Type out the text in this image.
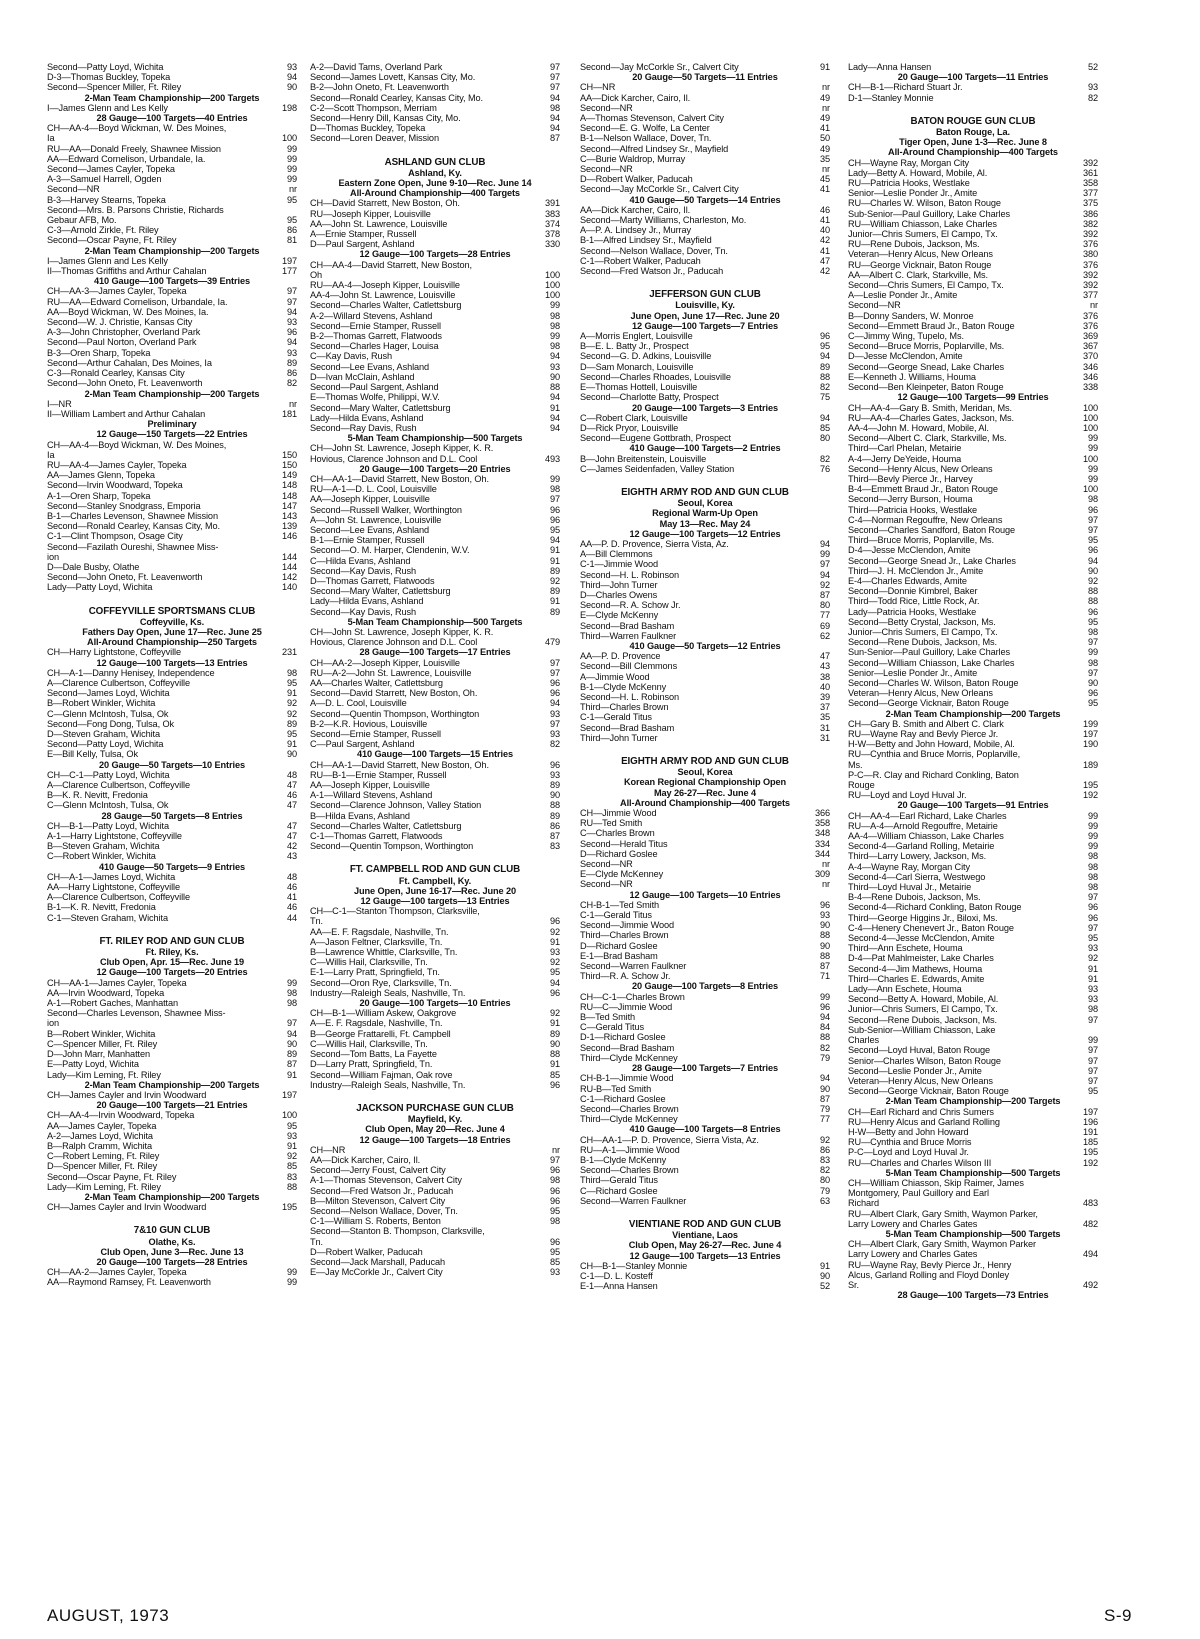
Second—Patty Loyd, Wichita	93
D-3—Thomas Buckley, Topeka	94
Second—Spencer Miller, Ft. Riley	90
2-Man Team Championship—200 Targets
I—James Glenn and Les Kelly	198
28 Gauge—100 Targets—40 Entries
CH—AA-4—Boyd Wickman, W. Des Moines,
Ia	100
RU—AA—Donald Freely, Shawnee Mission	99
AA—Edward Cornelison, Urbandale, Ia.	99
Second—James Cayler, Topeka	99
A-3—Samuel Harrell, Ogden	99
Second—NR	nr
B-3—Harvey Stearns, Topeka	95
Second—Mrs. B. Parsons Christie, Richards
Gebaur AFB, Mo.	95
C-3—Arnold Zirkle, Ft. Riley	86
Second—Oscar Payne, Ft. Riley	81
2-Man Team Championship—200 Targets
I—James Glenn and Les Kelly	197
II—Thomas Griffiths and Arthur Cahalan	177
410 Gauge—100 Targets—39 Entries
CH—AA-3—James Cayler, Topeka	97
RU—AA—Edward Cornelison, Urbandale, Ia.	97
AA—Boyd Wickman, W. Des Moines, Ia.	94
Second—W. J. Christie, Kansas City	93
A-3—John Christopher, Overland Park	96
Second—Paul Norton, Overland Park	94
B-3—Oren Sharp, Topeka	93
Second—Arthur Cahalan, Des Moines, Ia	89
C-3—Ronald Cearley, Kansas City	86
Second—John Oneto, Ft. Leavenworth	82
2-Man Team Championship—200 Targets
I—NR	nr
II—William Lambert and Arthur Cahalan	181
Preliminary
12 Gauge—150 Targets—22 Entries
CH—AA-4—Boyd Wickman, W. Des Moines,
Ia	150
RU—AA-4—James Cayler, Topeka	150
AA—James Glenn, Topeka	149
Second—Irvin Woodward, Topeka	148
A-1—Oren Sharp, Topeka	148
Second—Stanley Snodgrass, Emporia	147
B-1—Charles Levenson, Shawnee Mission	143
Second—Ronald Cearley, Kansas City, Mo.	139
C-1—Clint Thompson, Osage City	146
Second—Fazilath Oureshi, Shawnee Miss-
ion	144
D—Dale Busby, Olathe	144
Second—John Oneto, Ft. Leavenworth	142
Lady—Patty Loyd, Wichita	140
COFFEYVILLE SPORTSMANS CLUB
Coffeyville, Ks.
Fathers Day Open, June 17—Rec. June 25
All-Around Championship—250 Targets
CH—Harry Lightstone, Coffeyville	231
12 Gauge—100 Targets—13 Entries
CH—A-1—Danny Henisey, Independence	98
A—Clarence Culbertson, Coffeyville	95
Second—James Loyd, Wichita	91
B—Robert Winkler, Wichita	92
C—Glenn McIntosh, Tulsa, Ok	92
Second—Fong Dong, Tulsa, Ok	89
D—Steven Graham, Wichita	95
Second—Patty Loyd, Wichita	91
E—Bill Kelly, Tulsa, Ok	90
20 Gauge—50 Targets—10 Entries
CH—C-1—Patty Loyd, Wichita	48
A—Clarence Culbertson, Coffeyville	47
B—K. R. Nevitt, Fredonia	46
C—Glenn McIntosh, Tulsa, Ok	47
28 Gauge—50 Targets—8 Entries
CH—B-1—Patty Loyd, Wichita	47
A-1—Harry Lightstone, Coffeyville	47
B—Steven Graham, Wichita	42
C—Robert Winkler, Wichita	43
410 Gauge—50 Targets—9 Entries
CH—A-1—James Loyd, Wichita	48
AA—Harry Lightstone, Coffeyville	46
A—Clarence Culbertson, Coffeyville	41
B-1—K. R. Nevitt, Fredonia	46
C-1—Steven Graham, Wichita	44
FT. RILEY ROD AND GUN CLUB
Ft. Riley, Ks.
Club Open, Apr. 15—Rec. June 19
12 Gauge—100 Targets—20 Entries
CH—AA-1—James Cayler, Topeka	99
AA—Irvin Woodward, Topeka	98
A-1—Robert Gaches, Manhattan	98
Second—Charles Levenson, Shawnee Miss-
ion	97
B—Robert Winkler, Wichita	94
C—Spencer Miller, Ft. Riley	90
D—John Marr, Manhatten	89
E—Patty Loyd, Wichita	87
Lady—Kim Leming, Ft. Riley	91
2-Man Team Championship—200 Targets
CH—James Cayler and Irvin Woodward	197
20 Gauge—100 Targets—21 Entries
CH—AA-4—Irvin Woodward, Topeka	100
AA—James Cayler, Topeka	95
A-2—James Loyd, Wichita	93
B—Ralph Cramm, Wichita	91
C—Robert Leming, Ft. Riley	92
D—Spencer Miller, Ft. Riley	85
Second—Oscar Payne, Ft. Riley	83
Lady—Kim Leming, Ft. Riley	88
2-Man Team Championship—200 Targets
CH—James Cayler and Irvin Woodward	195
7&10 GUN CLUB
Olathe, Ks.
Club Open, June 3—Rec. June 13
20 Gauge—100 Targets—28 Entries
CH—AA-2—James Cayler, Topeka	99
AA—Raymond Ramsey, Ft. Leavenworth	99
A-2—David Tams, Overland Park	97
Second—James Lovett, Kansas City, Mo.	97
B-2—John Oneto, Ft. Leavenworth	97
Second—Ronald Cearley, Kansas City, Mo.	94
C-2—Scott Thompson, Merriam	98
Second—Henry Dill, Kansas City, Mo.	94
D—Thomas Buckley, Topeka	94
Second—Loren Deaver, Mission	87
ASHLAND GUN CLUB
Ashland, Ky.
Eastern Zone Open, June 9-10—Rec. June 14
All-Around Championship—400 Targets
CH—David Starrett, New Boston, Oh.	391
RU—Joseph Kipper, Louisville	383
AA—John St. Lawrence, Louisville	374
A—Ernie Stamper, Russell	378
D—Paul Sargent, Ashland	330
12 Gauge—100 Targets—28 Entries
CH—AA-4—David Starrett, New Boston,
Oh	100
RU—AA-4—Joseph Kipper, Louisville	100
AA-4—John St. Lawrence, Louisville	100
Second—Charles Walter, Catlettsburg	99
A-2—Willard Stevens, Ashland	98
Second—Ernie Stamper, Russell	98
B-2—Thomas Garrett, Flatwoods	99
Second—Charles Hager, Louisa	98
C—Kay Davis, Rush	94
Second—Lee Evans, Ashland	93
D—Ivan McClain, Ashland	90
Second—Paul Sargent, Ashland	88
E—Thomas Wolfe, Philippi, W.V.	94
Second—Mary Walter, Catlettsburg	91
Lady—Hilda Evans, Ashland	94
Second—Ray Davis, Rush	94
5-Man Team Championship—500 Targets
CH—John St. Lawrence, Joseph Kipper, K. R.
Hovious, Clarence Johnson and D.L. Cool	493
20 Gauge—100 Targets—20 Entries
CH—AA-1—David Starrett, New Boston, Oh.	99
RU—A-1—D. L. Cool, Louisville	98
AA—Joseph Kipper, Louisville	97
Second—Russell Walker, Worthington	96
A—John St. Lawrence, Louisville	96
Second—Lee Evans, Ashland	95
B-1—Ernie Stamper, Russell	94
Second—O. M. Harper, Clendenin, W.V.	91
C—Hilda Evans, Ashland	91
Second—Kay Davis, Rush	89
D—Thomas Garrett, Flatwoods	92
Second—Mary Walter, Catlettsburg	89
Lady—Hilda Evans, Ashland	91
Second—Kay Davis, Rush	89
5-Man Team Championship—500 Targets
CH—John St. Lawrence, Joseph Kipper, K. R.
Hovious, Clarence Johnson and D.L. Cool	479
28 Gauge—100 Targets—17 Entries
CH—AA-2—Joseph Kipper, Louisville	97
RU—A-2—John St. Lawrence, Louisville	97
AA—Charles Walter, Catlettsburg	96
Second—David Starrett, New Boston, Oh.	96
A—D. L. Cool, Louisville	94
Second—Quentin Thompson, Worthington	93
B-2—K.R. Hovious, Louisville	97
Second—Ernie Stamper, Russell	93
C—Paul Sargent, Ashland	82
410 Gauge—100 Targets—15 Entries
CH—AA-1—David Starrett, New Boston, Oh.	96
RU—B-1—Ernie Stamper, Russell	93
AA—Joseph Kipper, Louisville	89
A-1—Willard Stevens, Ashland	90
Second—Clarence Johnson, Valley Station	88
B—Hilda Evans, Ashland	89
Second—Charles Walter, Catlettsburg	86
C-1—Thomas Garrett, Flatwoods	87
Second—Quentin Tompson, Worthington	83
FT. CAMPBELL ROD AND GUN CLUB
Ft. Campbell, Ky.
June Open, June 16-17—Rec. June 20
12 Gauge—100 targets—13 Entries
CH—C-1—Stanton Thompson, Clarksville,
Tn.	96
AA—E. F. Ragsdale, Nashville, Tn.	92
A—Jason Feltner, Clarksville, Tn.	91
B—Lawrence Whittle, Clarksville, Tn.	93
C—Willis Hail, Clarksville, Tn.	92
E-1—Larry Pratt, Springfield, Tn.	95
Second—Oron Rye, Clarksville, Tn.	94
Industry—Raleigh Seals, Nashville, Tn.	96
20 Gauge—100 Targets—10 Entries
CH—B-1—William Askew, Oakgrove	92
A—E. F. Ragsdale, Nashville, Tn.	91
B—George Frattarelli, Ft. Campbell	89
C—Willis Hail, Clarksville, Tn.	90
Second—Tom Batts, La Fayette	88
D—Larry Pratt, Springfield, Tn.	91
Second—William Fajman, Oak rove	85
Industry—Raleigh Seals, Nashville, Tn.	96
JACKSON PURCHASE GUN CLUB
Mayfield, Ky.
Club Open, May 20—Rec. June 4
12 Gauge—100 Targets—18 Entries
CH—NR	nr
AA—Dick Karcher, Cairo, Il.	97
Second—Jerry Foust, Calvert City	96
A-1—Thomas Stevenson, Calvert City	98
Second—Fred Watson Jr., Paducah	96
B—Milton Stevenson, Calvert City	96
Second—Nelson Wallace, Dover, Tn.	95
C-1—William S. Roberts, Benton	98
Second—Stanton B. Thompson, Clarksville,
Tn.	96
D—Robert Walker, Paducah	95
Second—Jack Marshall, Paducah	85
E—Jay McCorkle Jr., Calvert City	93
Second—Jay McCorkle Sr., Calvert City	91
20 Gauge—50 Targets—11 Entries
CH—NR	nr
AA—Dick Karcher, Cairo, Il.	49
Second—NR	nr
A—Thomas Stevenson, Calvert City	49
Second—E. G. Wolfe, La Center	41
B-1—Nelson Wallace, Dover, Tn.	50
Second—Alfred Lindsey Sr., Mayfield	49
C—Burie Waldrop, Murray	35
Second—NR	nr
D—Robert Walker, Paducah	45
Second—Jay McCorkle Sr., Calvert City	41
410 Gauge—50 Targets—14 Entries
AA—Dick Karcher, Cairo, Il.	46
Second—Marty Williams, Charleston, Mo.	41
A—P. A. Lindsey Jr., Murray	40
B-1—Alfred Lindsey Sr., Mayfield	42
Second—Nelson Wallace, Dover, Tn.	41
C-1—Robert Walker, Paducah	47
Second—Fred Watson Jr., Paducah	42
JEFFERSON GUN CLUB
Louisville, Ky.
June Open, June 17—Rec. June 20
12 Gauge—100 Targets—7 Entries
A—Morris Englert, Louisville	96
B—E. L. Batty Jr., Prospect	95
Second—G. D. Adkins, Louisville	94
D—Sam Monarch, Louisville	89
Second—Charles Rhoades, Louisville	88
E—Thomas Hottell, Louisville	82
Second—Charlotte Batty, Prospect	75
20 Gauge—100 Targets—3 Entries
C—Robert Clark, Louisville	94
D—Rick Pryor, Louisville	85
Second—Eugene Gottbrath, Prospect	80
410 Gauge—100 Targets—2 Entries
B—John Breitenstein, Louisville	82
C—James Seidenfaden, Valley Station	76
EIGHTH ARMY ROD AND GUN CLUB
Seoul, Korea
Regional Warm-Up Open
May 13—Rec. May 24
12 Gauge—100 Targets—12 Entries
AA—P. D. Provence, Sierra Vista, Az.	94
A—Bill Clemmons	99
C-1—Jimmie Wood	97
Second—H. L. Robinson	94
Third—John Turner	92
D—Charles Owens	87
Second—R. A. Schow Jr.	80
E—Clyde McKenny	77
Second—Brad Basham	69
Third—Warren Faulkner	62
410 Gauge—50 Targets—12 Entries
AA—P. D. Provence	47
Second—Bill Clemmons	43
A—Jimmie Wood	38
B-1—Clyde McKenny	40
Second—H. L. Robinson	39
Third—Charles Brown	37
C-1—Gerald Titus	35
Second—Brad Basham	31
Third—John Turner	31
EIGHTH ARMY ROD AND GUN CLUB
Seoul, Korea
Korean Regional Championship Open
May 26-27—Rec. June 4
All-Around Championship—400 Targets
CH—Jimmie Wood	366
RU—Ted Smith	358
C—Charles Brown	348
Second—Herald Titus	334
D—Richard Goslee	344
Second—NR	nr
E—Clyde McKenney	309
Second—NR	nr
12 Gauge—100 Targets—10 Entries
CH-B-1—Ted Smith	96
C-1—Gerald Titus	93
Second—Jimmie Wood	90
Third—Charles Brown	88
D—Richard Goslee	90
E-1—Brad Basham	88
Second—Warren Faulkner	87
Third—R. A. Schow Jr.	71
20 Gauge—100 Targets—8 Entries
CH—C-1—Charles Brown	99
RU—C—Jimmie Wood	96
B—Ted Smith	94
C—Gerald Titus	84
D-1—Richard Goslee	88
Second—Brad Basham	82
Third—Clyde McKenney	79
28 Gauge—100 Targets—7 Entries
CH-B-1—Jimmie Wood	94
RU-B—Ted Smith	90
C-1—Richard Goslee	87
Second—Charles Brown	79
Third—Clyde McKenney	77
410 Gauge—100 Targets—8 Entries
CH—AA-1—P. D. Provence, Sierra Vista, Az.	92
RU—A-1—Jimmie Wood	86
B-1—Clyde McKenny	83
Second—Charles Brown	82
Third—Gerald Titus	80
C—Richard Goslee	79
Second—Warren Faulkner	63
VIENTIANE ROD AND GUN CLUB
Vientiane, Laos
Club Open, May 26-27—Rec. June 4
12 Gauge—100 Targets—13 Entries
CH—B-1—Stanley Monnie	91
C-1—D. L. Kosteff	90
E-1—Anna Hansen	52
Lady—Anna Hansen	52
20 Gauge—100 Targets—11 Entries
CH—B-1—Richard Stuart Jr.	93
D-1—Stanley Monnie	82
BATON ROUGE GUN CLUB
Baton Rouge, La.
Tiger Open, June 1-3—Rec. June 8
All-Around Championship—400 Targets
CH—Wayne Ray, Morgan City	392
Lady—Betty A. Howard, Mobile, Al.	361
RU—Patricia Hooks, Westlake	358
Senior—Leslie Ponder Jr., Amite	377
RU—Charles W. Wilson, Baton Rouge	375
Sub-Senior—Paul Guillory, Lake Charles	386
RU—William Chiasson, Lake Charles	382
Junior—Chris Sumers, El Campo, Tx.	392
RU—Rene Dubois, Jackson, Ms.	376
Veteran—Henry Alcus, New Orleans	380
RU—George Vicknair, Baton Rouge	376
AA—Albert C. Clark, Starkville, Ms.	392
Second—Chris Sumers, El Campo, Tx.	392
A—Leslie Ponder Jr., Amite	377
Second—NR	nr
B—Donny Sanders, W. Monroe	376
Second—Emmett Braud Jr., Baton Rouge	376
C—Jimmy Wing, Tupelo, Ms.	369
Second—Bruce Morris, Poplarville, Ms.	367
D—Jesse McClendon, Amite	370
Second—George Snead, Lake Charles	346
E—Kenneth J. Williams, Houma	346
Second—Ben Kleinpeter, Baton Rouge	338
12 Gauge—100 Targets—99 Entries
CH—AA-4—Gary B. Smith, Meridan, Ms.	100
RU—AA-4—Charles Gates, Jackson, Ms.	100
AA-4—John M. Howard, Mobile, Al.	100
Second—Albert C. Clark, Starkville, Ms.	99
Third—Carl Phelan, Metairie	99
A-4—Jerry DeYeide, Houma	100
Second—Henry Alcus, New Orleans	99
Third—Bevly Pierce Jr., Harvey	99
B-4—Emmett Braud Jr., Baton Rouge	100
Second—Jerry Burson, Houma	98
Third—Patricia Hooks, Westlake	96
C-4—Norman Regouffre, New Orleans	97
Second—Charles Sandford, Baton Rouge	97
Third—Bruce Morris, Poplarville, Ms.	95
D-4—Jesse McClendon, Amite	96
Second—George Snead Jr., Lake Charles	94
Third—J. H. McClendon Jr., Amite	90
E-4—Charles Edwards, Amite	92
Second—Donnie Kimbrel, Baker	88
Third—Todd Rice, Little Rock, Ar.	88
Lady—Patricia Hooks, Westlake	96
Second—Betty Crystal, Jackson, Ms.	95
Junior—Chris Sumers, El Campo, Tx.	98
Second—Rene Dubois, Jackson, Ms.	97
Sun-Senior—Paul Guillory, Lake Charles	99
Second—William Chiasson, Lake Charles	98
Senior—Leslie Ponder Jr., Amite	97
Second—Charles W. Wilson, Baton Rouge	90
Veteran—Henry Alcus, New Orleans	96
Second—George Vicknair, Baton Rouge	95
2-Man Team Championship—200 Targets
CH—Gary B. Smith and Albert C. Clark	199
RU—Wayne Ray and Bevly Pierce Jr.	197
H-W—Betty and John Howard, Mobile, Al.	190
RU—Cynthia and Bruce Morris, Poplarville,
Ms.	189
P-C—R. Clay and Richard Conkling, Baton
Rouge	195
RU—Loyd and Loyd Huval Jr.	192
20 Gauge—100 Targets—91 Entries
CH—AA-4—Earl Richard, Lake Charles	99
RU—A-4—Arnold Regouffre, Metairie	99
AA-4—William Chiasson, Lake Charles	99
Second-4—Garland Rolling, Metairie	99
Third—Larry Lowery, Jackson, Ms.	98
A-4—Wayne Ray, Morgan City	98
Second-4—Carl Sierra, Westwego	98
Third—Loyd Huval Jr., Metairie	98
B-4—Rene Dubois, Jackson, Ms.	97
Second-4—Richard Conkling, Baton Rouge	96
Third—George Higgins Jr., Biloxi, Ms.	96
C-4—Henery Chenevert Jr., Baton Rouge	97
Second-4—Jesse McClendon, Amite	95
Third—Ann Eschete, Houma	93
D-4—Pat Mahlmeister, Lake Charles	92
Second-4—Jim Mathews, Houma	91
Third—Charles E. Edwards, Amite	91
Lady—Ann Eschete, Houma	93
Second—Betty A. Howard, Mobile, Al.	93
Junior—Chris Sumers, El Campo, Tx.	98
Second—Rene Dubois, Jackson, Ms.	97
Sub-Senior—William Chiasson, Lake
Charles	99
Second—Loyd Huval, Baton Rouge	97
Senior—Charles Wilson, Baton Rouge	97
Second—Leslie Ponder Jr., Amite	97
Veteran—Henry Alcus, New Orleans	97
Second—George Vicknair, Baton Rouge	95
2-Man Team Championship—200 Targets
CH—Earl Richard and Chris Sumers	197
RU—Henry Alcus and Garland Rolling	196
H-W—Betty and John Howard	191
RU—Cynthia and Bruce Morris	185
P-C—Loyd and Loyd Huval Jr.	195
RU—Charles and Charles Wilson III	192
5-Man Team Championship—500 Targets
CH—William Chiasson, Skip Raimer, James
Montgomery, Paul Guillory and Earl
Richard	483
RU—Albert Clark, Gary Smith, Waymon Parker,
Larry Lowery and Charles Gates	482
5-Man Team Championship—500 Targets
CH—Albert Clark, Gary Smith, Waymon Parker
Larry Lowery and Charles Gates	494
RU—Wayne Ray, Bevly Pierce Jr., Henry
Alcus, Garland Rolling and Floyd Donley
Sr.	492
28 Gauge—100 Targets—73 Entries
AUGUST, 1973	S-9
